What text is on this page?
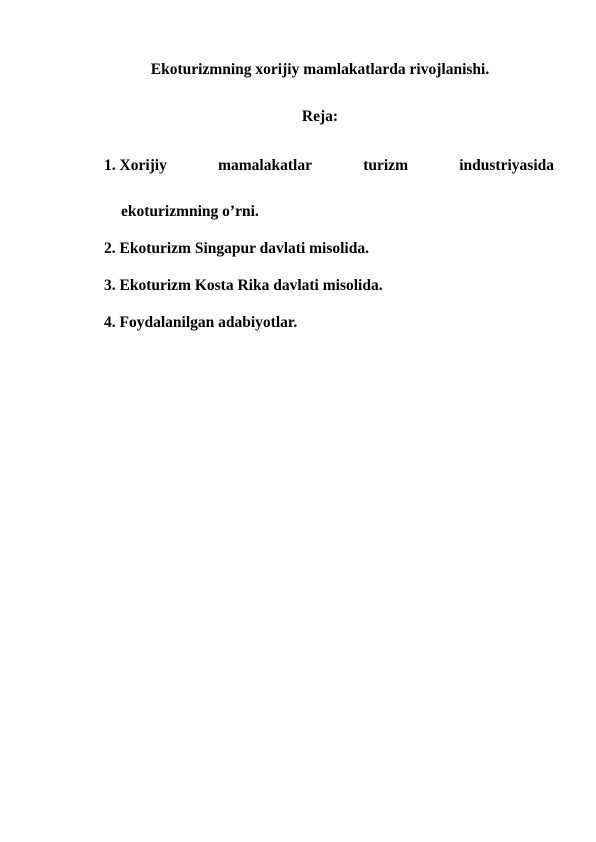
Ekoturizmning xorijiy mamlakatlarda rivojlanishi.
Reja:
1. Xorijiy	mamalakatlar	turizm	industriyasida
ekoturizmning o’rni.
2. Ekoturizm Singapur davlati misolida.
3. Ekoturizm Kosta Rika davlati misolida.
4. Foydalanilgan adabiyotlar.
